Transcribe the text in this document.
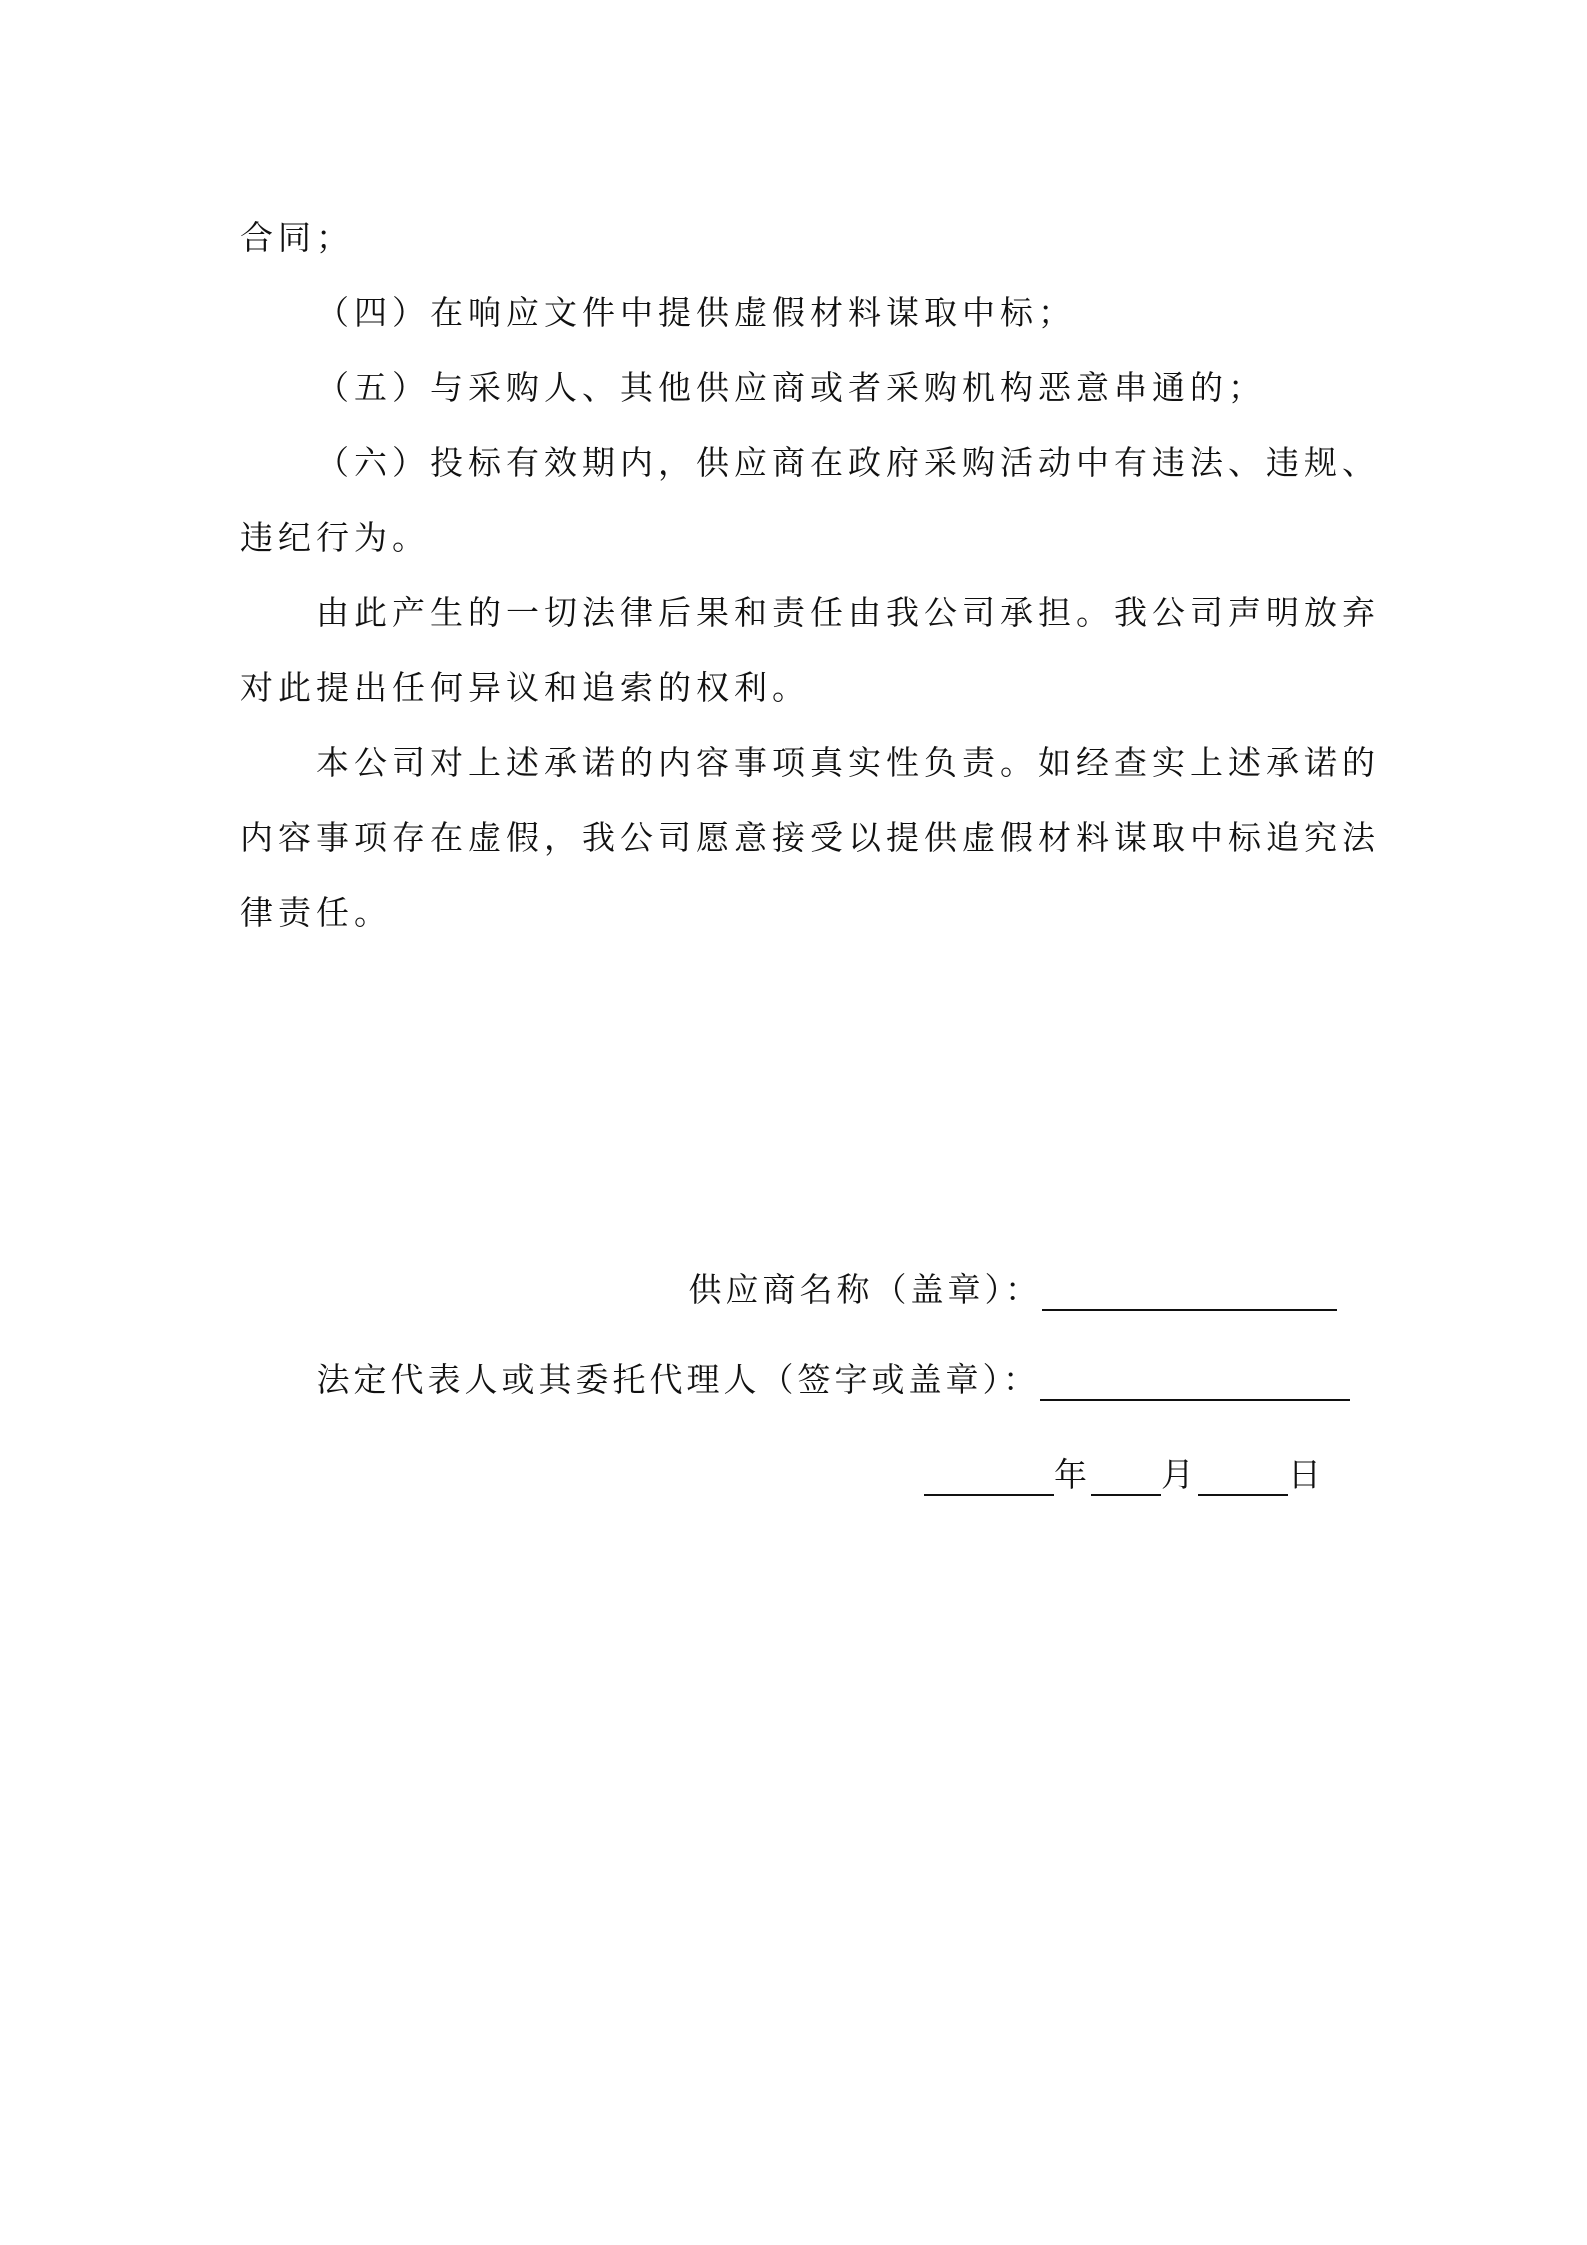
合同；
（四）在响应文件中提供虚假材料谋取中标；
（五）与采购人、其他供应商或者采购机构恶意串通的；
（六）投标有效期内，供应商在政府采购活动中有违法、违规、
违纪行为。
由此产生的一切法律后果和责任由我公司承担。我公司声明放弃
对此提出任何异议和追索的权利。
本公司对上述承诺的内容事项真实性负责。如经查实上述承诺的
内容事项存在虚假，我公司愿意接受以提供虚假材料谋取中标追究法
律责任。
供应商名称（盖章）：
法定代表人或其委托代理人（签字或盖章）：
年 月	日
